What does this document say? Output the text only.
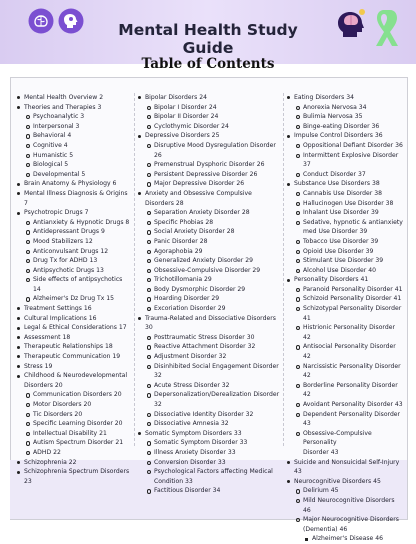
Mental Health Study Guide
Table of Contents
Mental Health Overview 2
Theories and Therapies 3
Psychoanalytic 3
Interpersonal 3
Behavioral 4
Cognitive 4
Humanistic 5
Biological 5
Developmental 5
Brain Anatomy & Physiology 6
Mental Illness Diagnosis & Origins 7
Psychotropic Drugs 7
Antianxiety & Hypnotic Drugs 8
Antidepressant Drugs 9
Mood Stabilizers 12
Anticonvulsant Drugs 12
Drug Tx for ADHD 13
Antipsychotic Drugs 13
Side effects of antipsychotics 14
Alzheimer's Dz Drug Tx 15
Treatment Settings 16
Cultural Implications 16
Legal & Ethical Considerations 17
Assessment 18
Therapeutic Relationships 18
Therapeutic Communication 19
Stress 19
Childhood & Neurodevelopmental
Disorders 20
Communication Disorders 20
Motor Disorders 20
Tic Disorders 20
Specific Learning Disorder 20
Intellectual Disability 21
Autism Spectrum Disorder 21
ADHD 22
Schizophrenia 22
Schizophrenia Spectrum Disorders 23
Bipolar Disorders 24
Bipolar I Disorder 24
Bipolar II Disorder 24
Cyclothymic Disorder 24
Depressive Disorders 25
Disruptive Mood Dysregulation Disorder 26
Premenstrual Dysphoric Disorder 26
Persistent Depressive Disorder 26
Major Depressive Disorder 26
Anxiety and Obsessive Compulsive Disorders 28
Separation Anxiety Disorder 28
Specific Phobias 28
Social Anxiety Disorder 28
Panic Disorder 28
Agoraphobia 29
Generalized Anxiety Disorder 29
Obsessive-Compulsive Disorder 29
Trichotillomania 29
Body Dysmorphic Disorder 29
Hoarding Disorder 29
Excoriation Disorder 29
Trauma-Related and Dissociative Disorders 30
Posttraumatic Stress Disorder 30
Reactive Attachment Disorder 32
Adjustment Disorder 32
Disinhibited Social Engagement Disorder 32
Acute Stress Disorder 32
Depersonalization/Derealization Disorder 32
Dissociative Identity Disorder 32
Dissociative Amnesia 32
Somatic Symptom Disorders 33
Somatic Symptom Disorder 33
Illness Anxiety Disorder 33
Conversion Disorder 33
Psychological Factors affecting Medical
Condition 33
Factitious Disorder 34
Eating Disorders 34
Anorexia Nervosa 34
Bulimia Nervosa 35
Binge-eating Disorder 36
Impulse Control Disorders 36
Oppositional Defiant Disorder 36
Intermittent Explosive Disorder 37
Conduct Disorder 37
Substance Use Disorders 38
Cannabis Use Disorder 38
Hallucinogen Use Disorder 38
Inhalant Use Disorder 39
Sedative, hypnotic & antianxiety
med Use Disorder 39
Tobacco Use Disorder 39
Opioid Use Disorder 39
Stimulant Use Disorder 39
Alcohol Use Disorder 40
Personality Disorders 41
Paranoid Personality Disorder 41
Schizoid Personality Disorder 41
Schizotypal Personality Disorder 41
Histrionic Personality Disorder 42
Antisocial Personality Disorder 42
Narcissistic Personality Disorder 42
Borderline Personality Disorder 42
Avoidant Personality Disorder 43
Dependent Personality Disorder 43
Obsessive-Compulsive Personality
Disorder 43
Suicide and Nonsuicidal Self-Injury 43
Neurocognitive Disorders 45
Delirium 45
Mild Neurocognitive Disorders 46
Major Neurocognitive Disorders
(Dementia) 46
Alzheimer's Disease 46
